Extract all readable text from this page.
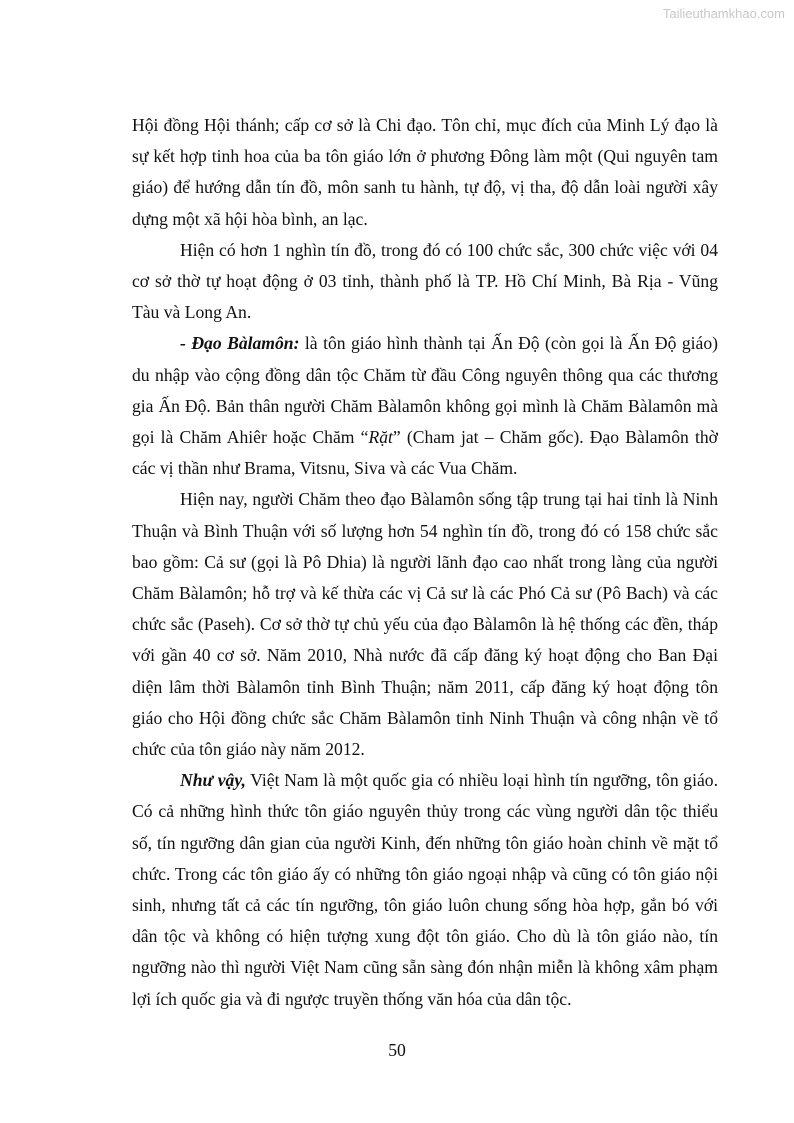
Tailieuthamkhao.com

Hội đồng Hội thánh; cấp cơ sở là Chi đạo. Tôn chỉ, mục đích của Minh Lý đạo là sự kết hợp tinh hoa của ba tôn giáo lớn ở phương Đông làm một (Qui nguyên tam giáo) để hướng dẫn tín đồ, môn sanh tu hành, tự độ, vị tha, độ dẫn loài người xây dựng một xã hội hòa bình, an lạc.

Hiện có hơn 1 nghìn tín đồ, trong đó có 100 chức sắc, 300 chức việc với 04 cơ sở thờ tự hoạt động ở 03 tỉnh, thành phố là TP. Hồ Chí Minh, Bà Rịa - Vũng Tàu và Long An.

- Đạo Bàlamôn: là tôn giáo hình thành tại Ấn Độ (còn gọi là Ấn Độ giáo) du nhập vào cộng đồng dân tộc Chăm từ đầu Công nguyên thông qua các thương gia Ấn Độ. Bản thân người Chăm Bàlamôn không gọi mình là Chăm Bàlamôn mà gọi là Chăm Ahiêr hoặc Chăm “Rặt” (Cham jat – Chăm gốc). Đạo Bàlamôn thờ các vị thần như Brama, Vitsnu, Siva và các Vua Chăm.

Hiện nay, người Chăm theo đạo Bàlamôn sống tập trung tại hai tỉnh là Ninh Thuận và Bình Thuận với số lượng hơn 54 nghìn tín đồ, trong đó có 158 chức sắc bao gồm: Cả sư (gọi là Pô Dhia) là người lãnh đạo cao nhất trong làng của người Chăm Bàlamôn; hỗ trợ và kế thừa các vị Cả sư là các Phó Cả sư (Pô Bach) và các chức sắc (Paseh). Cơ sở thờ tự chủ yếu của đạo Bàlamôn là hệ thống các đền, tháp với gần 40 cơ sở. Năm 2010, Nhà nước đã cấp đăng ký hoạt động cho Ban Đại diện lâm thời Bàlamôn tỉnh Bình Thuận; năm 2011, cấp đăng ký hoạt động tôn giáo cho Hội đồng chức sắc Chăm Bàlamôn tỉnh Ninh Thuận và công nhận về tổ chức của tôn giáo này năm 2012.

Như vậy, Việt Nam là một quốc gia có nhiều loại hình tín ngưỡng, tôn giáo. Có cả những hình thức tôn giáo nguyên thủy trong các vùng người dân tộc thiểu số, tín ngưỡng dân gian của người Kinh, đến những tôn giáo hoàn chỉnh về mặt tổ chức. Trong các tôn giáo ấy có những tôn giáo ngoại nhập và cũng có tôn giáo nội sinh, nhưng tất cả các tín ngưỡng, tôn giáo luôn chung sống hòa hợp, gắn bó với dân tộc và không có hiện tượng xung đột tôn giáo. Cho dù là tôn giáo nào, tín ngưỡng nào thì người Việt Nam cũng sẵn sàng đón nhận miễn là không xâm phạm lợi ích quốc gia và đi ngược truyền thống văn hóa của dân tộc.

50
